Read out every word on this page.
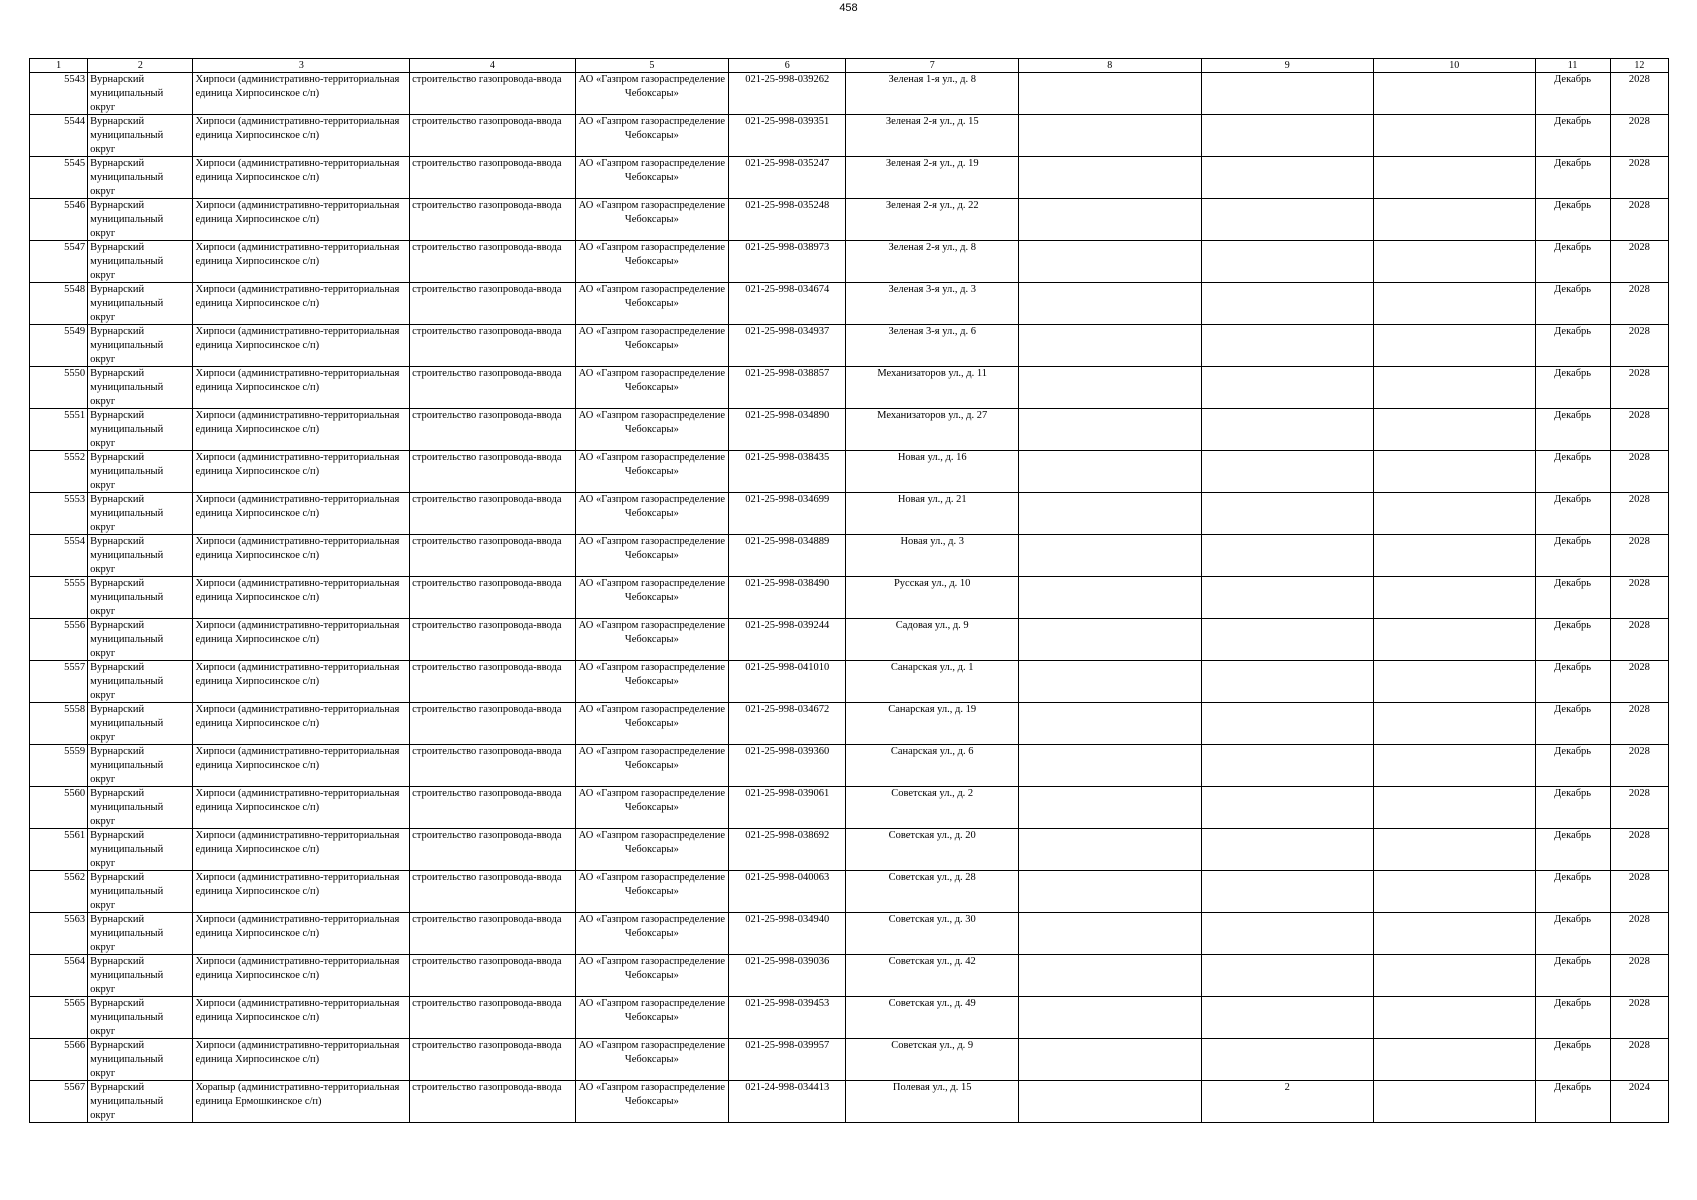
458
1	2	3	4	5	6	7	8	9	10	11	12

5543	Вурнарский муниципальный округ	Хирпоси (административно-территориальная единица Хирпосинское с/п)	строительство газопровода-ввода	АО «Газпром газораспределение Чебоксары»	021-25-998-039262	Зеленая 1-я ул., д. 8				Декабрь	2028

5544	Вурнарский муниципальный округ	Хирпоси (административно-территориальная единица Хирпосинское с/п)	строительство газопровода-ввода	АО «Газпром газораспределение Чебоксары»	021-25-998-039351	Зеленая 2-я ул., д. 15				Декабрь	2028

5545	Вурнарский муниципальный округ	Хирпоси (административно-территориальная единица Хирпосинское с/п)	строительство газопровода-ввода	АО «Газпром газораспределение Чебоксары»	021-25-998-035247	Зеленая 2-я ул., д. 19				Декабрь	2028

5546	Вурнарский муниципальный округ	Хирпоси (административно-территориальная единица Хирпосинское с/п)	строительство газопровода-ввода	АО «Газпром газораспределение Чебоксары»	021-25-998-035248	Зеленая 2-я ул., д. 22				Декабрь	2028

5547	Вурнарский муниципальный округ	Хирпоси (административно-территориальная единица Хирпосинское с/п)	строительство газопровода-ввода	АО «Газпром газораспределение Чебоксары»	021-25-998-038973	Зеленая 2-я ул., д. 8				Декабрь	2028

5548	Вурнарский муниципальный округ	Хирпоси (административно-территориальная единица Хирпосинское с/п)	строительство газопровода-ввода	АО «Газпром газораспределение Чебоксары»	021-25-998-034674	Зеленая 3-я ул., д. 3				Декабрь	2028

5549	Вурнарский муниципальный округ	Хирпоси (административно-территориальная единица Хирпосинское с/п)	строительство газопровода-ввода	АО «Газпром газораспределение Чебоксары»	021-25-998-034937	Зеленая 3-я ул., д. 6				Декабрь	2028

5550	Вурнарский муниципальный округ	Хирпоси (административно-территориальная единица Хирпосинское с/п)	строительство газопровода-ввода	АО «Газпром газораспределение Чебоксары»	021-25-998-038857	Механизаторов ул., д. 11				Декабрь	2028

5551	Вурнарский муниципальный округ	Хирпоси (административно-территориальная единица Хирпосинское с/п)	строительство газопровода-ввода	АО «Газпром газораспределение Чебоксары»	021-25-998-034890	Механизаторов ул., д. 27				Декабрь	2028

5552	Вурнарский муниципальный округ	Хирпоси (административно-территориальная единица Хирпосинское с/п)	строительство газопровода-ввода	АО «Газпром газораспределение Чебоксары»	021-25-998-038435	Новая ул., д. 16				Декабрь	2028

5553	Вурнарский муниципальный округ	Хирпоси (административно-территориальная единица Хирпосинское с/п)	строительство газопровода-ввода	АО «Газпром газораспределение Чебоксары»	021-25-998-034699	Новая ул., д. 21				Декабрь	2028

5554	Вурнарский муниципальный округ	Хирпоси (административно-территориальная единица Хирпосинское с/п)	строительство газопровода-ввода	АО «Газпром газораспределение Чебоксары»	021-25-998-034889	Новая ул., д. 3				Декабрь	2028

5555	Вурнарский муниципальный округ	Хирпоси (административно-территориальная единица Хирпосинское с/п)	строительство газопровода-ввода	АО «Газпром газораспределение Чебоксары»	021-25-998-038490	Русская ул., д. 10				Декабрь	2028

5556	Вурнарский муниципальный округ	Хирпоси (административно-территориальная единица Хирпосинское с/п)	строительство газопровода-ввода	АО «Газпром газораспределение Чебоксары»	021-25-998-039244	Садовая ул., д. 9				Декабрь	2028

5557	Вурнарский муниципальный округ	Хирпоси (административно-территориальная единица Хирпосинское с/п)	строительство газопровода-ввода	АО «Газпром газораспределение Чебоксары»	021-25-998-041010	Санарская ул., д. 1				Декабрь	2028

5558	Вурнарский муниципальный округ	Хирпоси (административно-территориальная единица Хирпосинское с/п)	строительство газопровода-ввода	АО «Газпром газораспределение Чебоксары»	021-25-998-034672	Санарская ул., д. 19				Декабрь	2028

5559	Вурнарский муниципальный округ	Хирпоси (административно-территориальная единица Хирпосинское с/п)	строительство газопровода-ввода	АО «Газпром газораспределение Чебоксары»	021-25-998-039360	Санарская ул., д. 6				Декабрь	2028

5560	Вурнарский муниципальный округ	Хирпоси (административно-территориальная единица Хирпосинское с/п)	строительство газопровода-ввода	АО «Газпром газораспределение Чебоксары»	021-25-998-039061	Советская ул., д. 2				Декабрь	2028

5561	Вурнарский муниципальный округ	Хирпоси (административно-территориальная единица Хирпосинское с/п)	строительство газопровода-ввода	АО «Газпром газораспределение Чебоксары»	021-25-998-038692	Советская ул., д. 20				Декабрь	2028

5562	Вурнарский муниципальный округ	Хирпоси (административно-территориальная единица Хирпосинское с/п)	строительство газопровода-ввода	АО «Газпром газораспределение Чебоксары»	021-25-998-040063	Советская ул., д. 28				Декабрь	2028

5563	Вурнарский муниципальный округ	Хирпоси (административно-территориальная единица Хирпосинское с/п)	строительство газопровода-ввода	АО «Газпром газораспределение Чебоксары»	021-25-998-034940	Советская ул., д. 30				Декабрь	2028

5564	Вурнарский муниципальный округ	Хирпоси (административно-территориальная единица Хирпосинское с/п)	строительство газопровода-ввода	АО «Газпром газораспределение Чебоксары»	021-25-998-039036	Советская ул., д. 42				Декабрь	2028

5565	Вурнарский муниципальный округ	Хирпоси (административно-территориальная единица Хирпосинское с/п)	строительство газопровода-ввода	АО «Газпром газораспределение Чебоксары»	021-25-998-039453	Советская ул., д. 49				Декабрь	2028

5566	Вурнарский муниципальный округ	Хирпоси (административно-территориальная единица Хирпосинское с/п)	строительство газопровода-ввода	АО «Газпром газораспределение Чебоксары»	021-25-998-039957	Советская ул., д. 9				Декабрь	2028

5567	Вурнарский муниципальный округ	Хорапыр (административно-территориальная единица Ермошкинское с/п)	строительство газопровода-ввода	АО «Газпром газораспределение Чебоксары»	021-24-998-034413	Полевая ул., д. 15		2		Декабрь	2024
